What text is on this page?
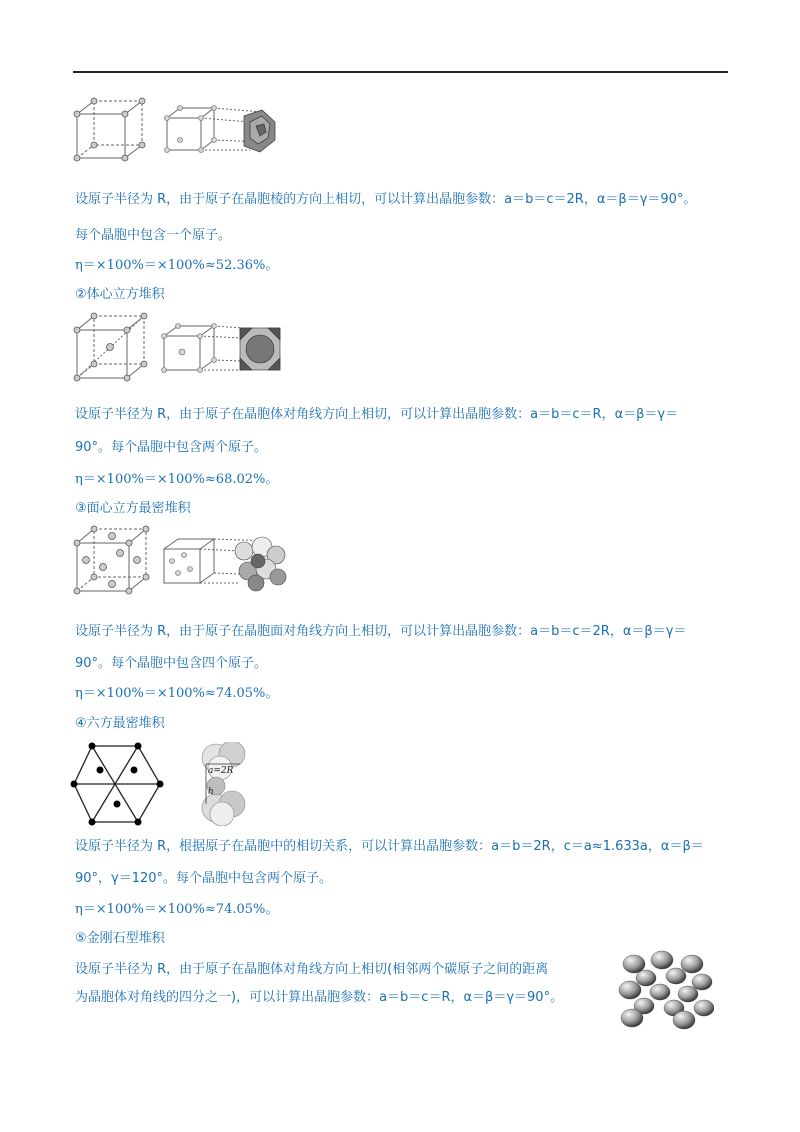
设原子半径为 R，由于原子在晶胞棱的方向上相切，可以计算出晶胞参数：a＝b＝c＝2R，α＝β＝γ＝90°。
每个晶胞中包含一个原子。
η＝×100%＝×100%≈52.36%。
②体心立方堆积
设原子半径为 R，由于原子在晶胞体对角线方向上相切，可以计算出晶胞参数：a＝b＝c＝R，α＝β＝γ＝
90°。每个晶胞中包含两个原子。
η＝×100%＝×100%≈68.02%。
③面心立方最密堆积
设原子半径为 R，由于原子在晶胞面对角线方向上相切，可以计算出晶胞参数：a＝b＝c＝2R，α＝β＝γ＝
90°。每个晶胞中包含四个原子。
η＝×100%＝×100%≈74.05%。
④六方最密堆积
a=2R
h
设原子半径为 R，根据原子在晶胞中的相切关系，可以计算出晶胞参数：a＝b＝2R，c＝a≈1.633a，α＝β＝
90°，γ＝120°。每个晶胞中包含两个原子。
η＝×100%＝×100%≈74.05%。
⑤金刚石型堆积
设原子半径为 R，由于原子在晶胞体对角线方向上相切(相邻两个碳原子之间的距离
为晶胞体对角线的四分之一)，可以计算出晶胞参数：a＝b＝c＝R，α＝β＝γ＝90°。
